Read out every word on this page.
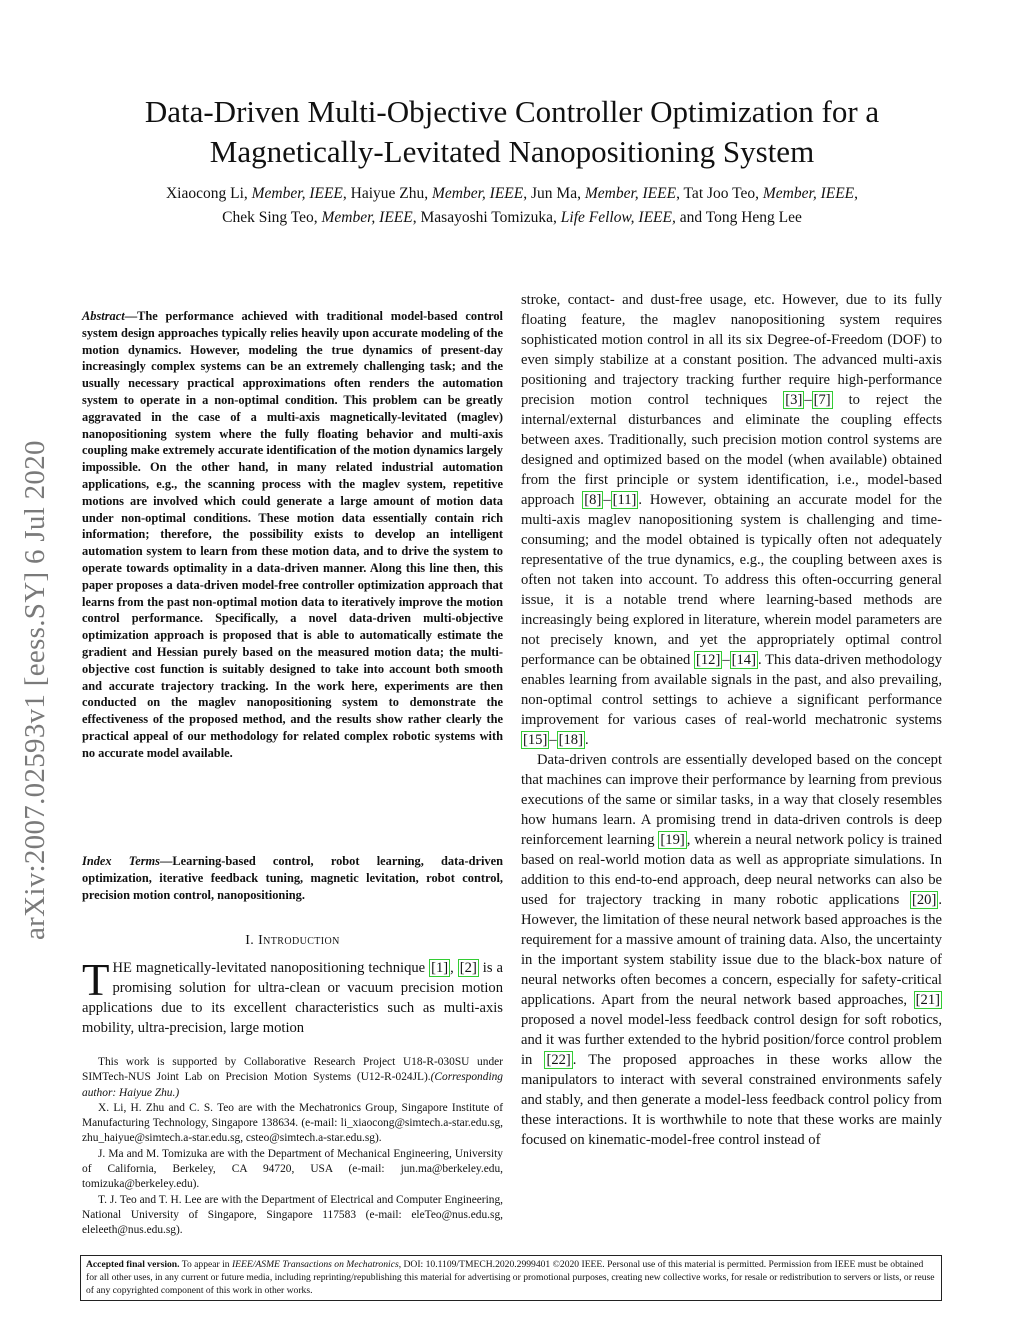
Data-Driven Multi-Objective Controller Optimization for a
Magnetically-Levitated Nanopositioning System
Xiaocong Li, Member, IEEE, Haiyue Zhu, Member, IEEE, Jun Ma, Member, IEEE, Tat Joo Teo, Member, IEEE,
Chek Sing Teo, Member, IEEE, Masayoshi Tomizuka, Life Fellow, IEEE, and Tong Heng Lee
arXiv:2007.02593v1 [eess.SY] 6 Jul 2020
Abstract—The performance achieved with traditional model-based control system design approaches typically relies heavily upon accurate modeling of the motion dynamics. However, modeling the true dynamics of present-day increasingly complex systems can be an extremely challenging task; and the usually necessary practical approximations often renders the automation system to operate in a non-optimal condition. This problem can be greatly aggravated in the case of a multi-axis magnetically-levitated (maglev) nanopositioning system where the fully floating behavior and multi-axis coupling make extremely accurate identification of the motion dynamics largely impossible. On the other hand, in many related industrial automation applications, e.g., the scanning process with the maglev system, repetitive motions are involved which could generate a large amount of motion data under non-optimal conditions. These motion data essentially contain rich information; therefore, the possibility exists to develop an intelligent automation system to learn from these motion data, and to drive the system to operate towards optimality in a data-driven manner. Along this line then, this paper proposes a data-driven model-free controller optimization approach that learns from the past non-optimal motion data to iteratively improve the motion control performance. Specifically, a novel data-driven multi-objective optimization approach is proposed that is able to automatically estimate the gradient and Hessian purely based on the measured motion data; the multi-objective cost function is suitably designed to take into account both smooth and accurate trajectory tracking. In the work here, experiments are then conducted on the maglev nanopositioning system to demonstrate the effectiveness of the proposed method, and the results show rather clearly the practical appeal of our methodology for related complex robotic systems with no accurate model available.
Index Terms—Learning-based control, robot learning, data-driven optimization, iterative feedback tuning, magnetic levitation, robot control, precision motion control, nanopositioning.
I. Introduction
THE magnetically-levitated nanopositioning technique [1] , [2] is a promising solution for ultra-clean or vacuum precision motion applications due to its excellent characteristics such as multi-axis mobility, ultra-precision, large motion

This work is supported by Collaborative Research Project U18-R-030SU under SIMTech-NUS Joint Lab on Precision Motion Systems (U12-R-024JL).(Corresponding author: Haiyue Zhu.)

X. Li, H. Zhu and C. S. Teo are with the Mechatronics Group, Singapore Institute of Manufacturing Technology, Singapore 138634. (e-mail: li_xiaocong@simtech.a-star.edu.sg, zhu_haiyue@simtech.a-star.edu.sg, csteo@simtech.a-star.edu.sg).

J. Ma and M. Tomizuka are with the Department of Mechanical Engineering, University of California, Berkeley, CA 94720, USA (e-mail: jun.ma@berkeley.edu, tomizuka@berkeley.edu).

T. J. Teo and T. H. Lee are with the Department of Electrical and Computer Engineering, National University of Singapore, Singapore 117583 (e-mail: eleTeo@nus.edu.sg, eleleeth@nus.edu.sg).

stroke, contact- and dust-free usage, etc. However, due to its fully floating feature, the maglev nanopositioning system requires sophisticated motion control in all its six Degree-of-Freedom (DOF) to even simply stabilize at a constant position. The advanced multi-axis positioning and trajectory tracking further require high-performance precision motion control techniques [3] – [7] to reject the internal/external disturbances and eliminate the coupling effects between axes. Traditionally, such precision motion control systems are designed and optimized based on the model (when available) obtained from the first principle or system identification, i.e., model-based approach [8] – [11] . However, obtaining an accurate model for the multi-axis maglev nanopositioning system is challenging and time-consuming; and the model obtained is typically often not adequately representative of the true dynamics, e.g., the coupling between axes is often not taken into account. To address this often-occurring general issue, it is a notable trend where learning-based methods are increasingly being explored in literature, wherein model parameters are not precisely known, and yet the appropriately optimal control performance can be obtained [12] – [14] . This data-driven methodology enables learning from available signals in the past, and also prevailing, non-optimal control settings to achieve a significant performance improvement for various cases of real-world mechatronic systems [15] – [18] .

Data-driven controls are essentially developed based on the concept that machines can improve their performance by learning from previous executions of the same or similar tasks, in a way that closely resembles how humans learn. A promising trend in data-driven controls is deep reinforcement learning [19] , wherein a neural network policy is trained based on real-world motion data as well as appropriate simulations. In addition to this end-to-end approach, deep neural networks can also be used for trajectory tracking in many robotic applications [20] . However, the limitation of these neural network based approaches is the requirement for a massive amount of training data. Also, the uncertainty in the important system stability issue due to the black-box nature of neural networks often becomes a concern, especially for safety-critical applications. Apart from the neural network based approaches, [21] proposed a novel model-less feedback control design for soft robotics, and it was further extended to the hybrid position/force control problem in [22] . The proposed approaches in these works allow the manipulators to interact with several constrained environments safely and stably, and then generate a model-less feedback control policy from these interactions. It is worthwhile to note that these works are mainly focused on kinematic-model-free control instead of

Accepted final version. To appear in IEEE/ASME Transactions on Mechatronics, DOI: 10.1109/TMECH.2020.2999401 ©2020 IEEE. Personal use of this material is permitted. Permission from IEEE must be obtained for all other uses, in any current or future media, including reprinting/republishing this material for advertising or promotional purposes, creating new collective works, for resale or redistribution to servers or lists, or reuse of any copyrighted component of this work in other works.
